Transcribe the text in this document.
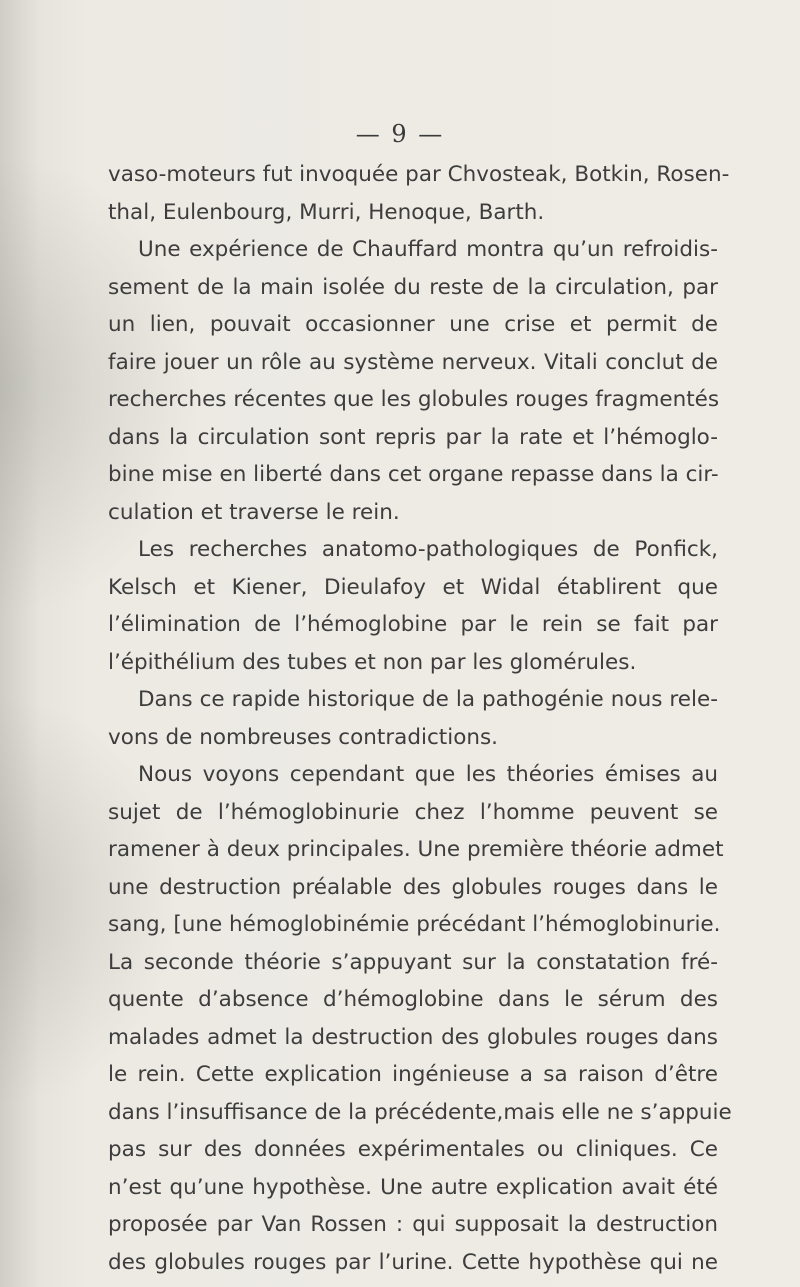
— 9 —
vaso-moteurs fut invoquée par Chvosteak, Botkin, Rosen-
thal, Eulenbourg, Murri, Henoque, Barth.
Une expérience de Chauffard montra qu’un refroidis-
sement de la main isolée du reste de la circulation, par
un lien, pouvait occasionner une crise et permit de
faire jouer un rôle au système nerveux. Vitali conclut de
recherches récentes que les globules rouges fragmentés
dans la circulation sont repris par la rate et l’hémoglo-
bine mise en liberté dans cet organe repasse dans la cir-
culation et traverse le rein.
Les recherches anatomo-pathologiques de Ponfick,
Kelsch et Kiener, Dieulafoy et Widal établirent que
l’élimination de l’hémoglobine par le rein se fait par
l’épithélium des tubes et non par les glomérules.
Dans ce rapide historique de la pathogénie nous rele-
vons de nombreuses contradictions.
Nous voyons cependant que les théories émises au
sujet de l’hémoglobinurie chez l’homme peuvent se
ramener à deux principales. Une première théorie admet
une destruction préalable des globules rouges dans le
sang, [une hémoglobinémie précédant l’hémoglobinurie.
La seconde théorie s’appuyant sur la constatation fré-
quente d’absence d’hémoglobine dans le sérum des
malades admet la destruction des globules rouges dans
le rein. Cette explication ingénieuse a sa raison d’être
dans l’insuffisance de la précédente,mais elle ne s’appuie
pas sur des données expérimentales ou cliniques. Ce
n’est qu’une hypothèse. Une autre explication avait été
proposée par Van Rossen : qui supposait la destruction
des globules rouges par l’urine. Cette hypothèse qui ne
